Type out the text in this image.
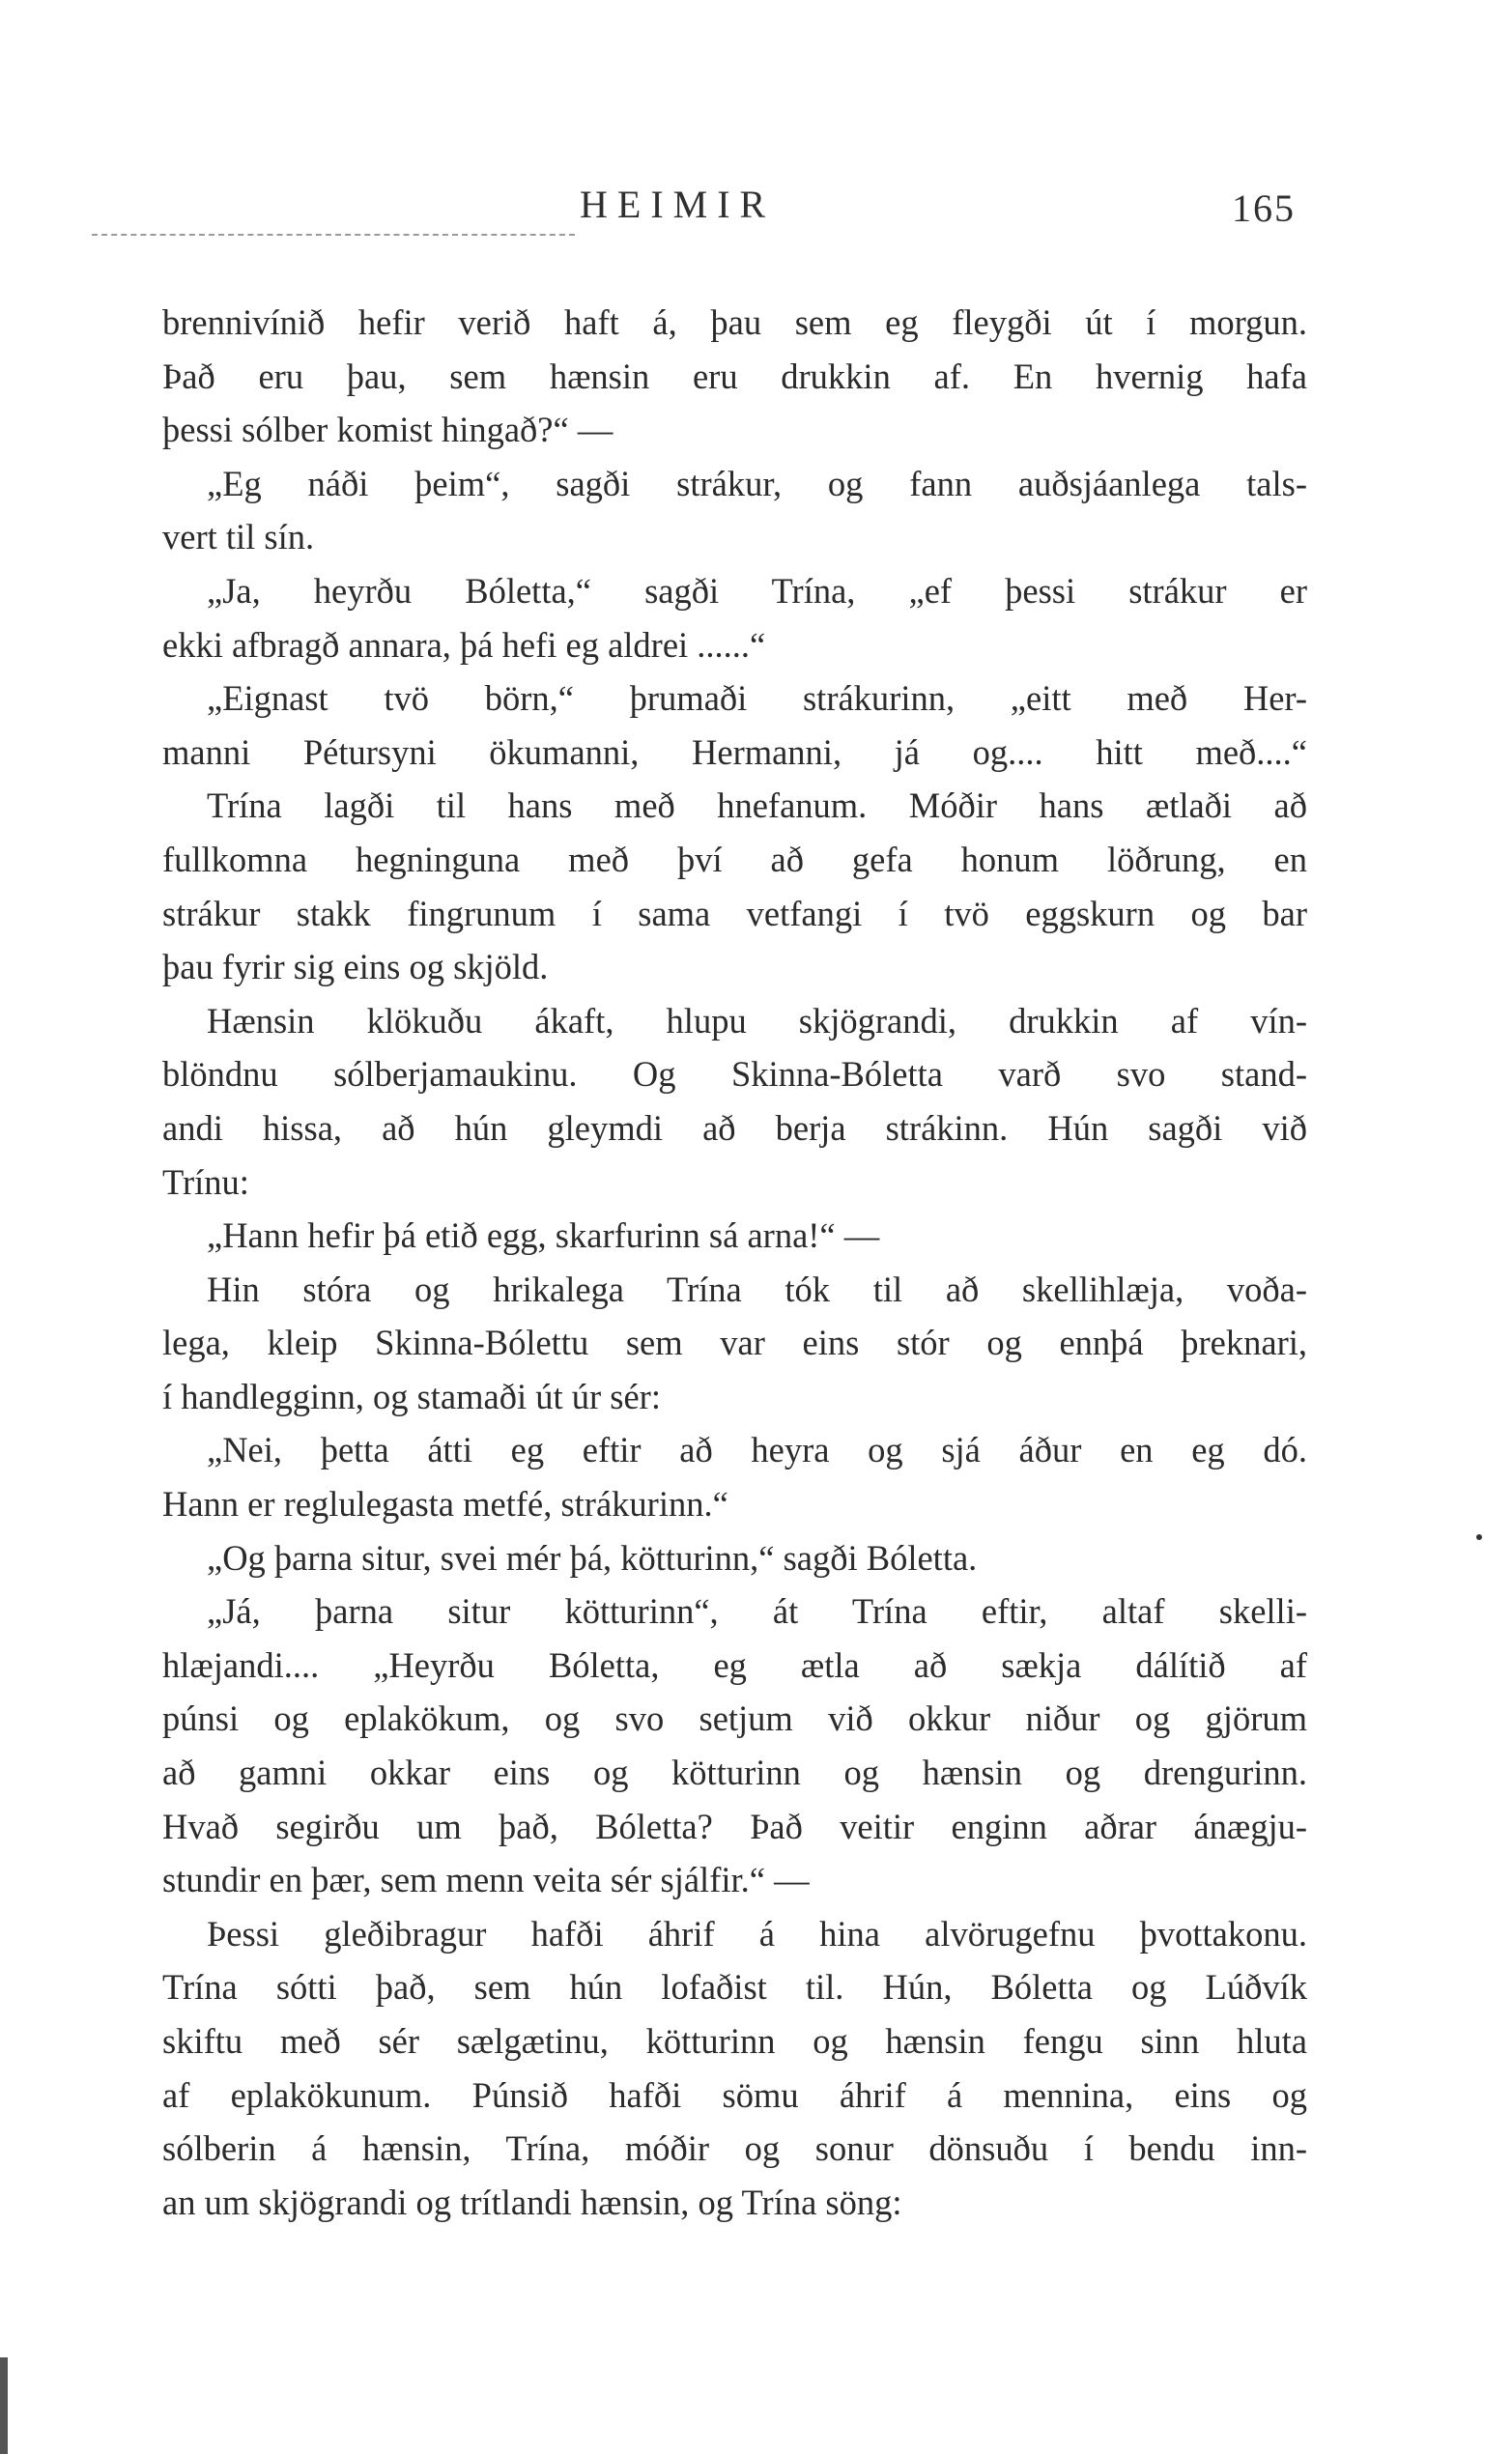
HEIMIR	165
brennivínið hefir verið haft á, þau sem eg fleygði út í morgun.
Það eru þau, sem hænsin eru drukkin af. En hvernig hafa
þessi sólber komist hingað?“ —
„Eg náði þeim“, sagði strákur, og fann auðsjáanlega tals-
vert til sín.
„Ja, heyrðu Bóletta,“ sagði Trína, „ef þessi strákur er
ekki afbragð annara, þá hefi eg aldrei ......“
„Eignast tvö börn,“ þrumaði strákurinn, „eitt með Her-
manni Pétursyni ökumanni, Hermanni, já og.... hitt með....“
Trína lagði til hans með hnefanum. Móðir hans ætlaði að
fullkomna hegninguna með því að gefa honum löðrung, en
strákur stakk fingrunum í sama vetfangi í tvö eggskurn og bar
þau fyrir sig eins og skjöld.
Hænsin klökuðu ákaft, hlupu skjögrandi, drukkin af vín-
blöndnu sólberjamaukinu. Og Skinna-Bóletta varð svo stand-
andi hissa, að hún gleymdi að berja strákinn. Hún sagði við
Trínu:
„Hann hefir þá etið egg, skarfurinn sá arna!“ —
Hin stóra og hrikalega Trína tók til að skellihlæja, voða-
lega, kleip Skinna-Bólettu sem var eins stór og ennþá þreknari,
í handlegginn, og stamaði út úr sér:
„Nei, þetta átti eg eftir að heyra og sjá áður en eg dó.
Hann er reglulegasta metfé, strákurinn.“
„Og þarna situr, svei mér þá, kötturinn,“ sagði Bóletta.
„Já, þarna situr kötturinn“, át Trína eftir, altaf skelli-
hlæjandi.... „Heyrðu Bóletta, eg ætla að sækja dálítið af
púnsi og eplakökum, og svo setjum við okkur niður og gjörum
að gamni okkar eins og kötturinn og hænsin og drengurinn.
Hvað segirðu um það, Bóletta? Það veitir enginn aðrar ánægju-
stundir en þær, sem menn veita sér sjálfir.“ —
Þessi gleðibragur hafði áhrif á hina alvörugefnu þvottakonu.
Trína sótti það, sem hún lofaðist til. Hún, Bóletta og Lúðvík
skiftu með sér sælgætinu, kötturinn og hænsin fengu sinn hluta
af eplakökunum. Púnsið hafði sömu áhrif á mennina, eins og
sólberin á hænsin, Trína, móðir og sonur dönsuðu í bendu inn-
an um skjögrandi og trítlandi hænsin, og Trína söng:
